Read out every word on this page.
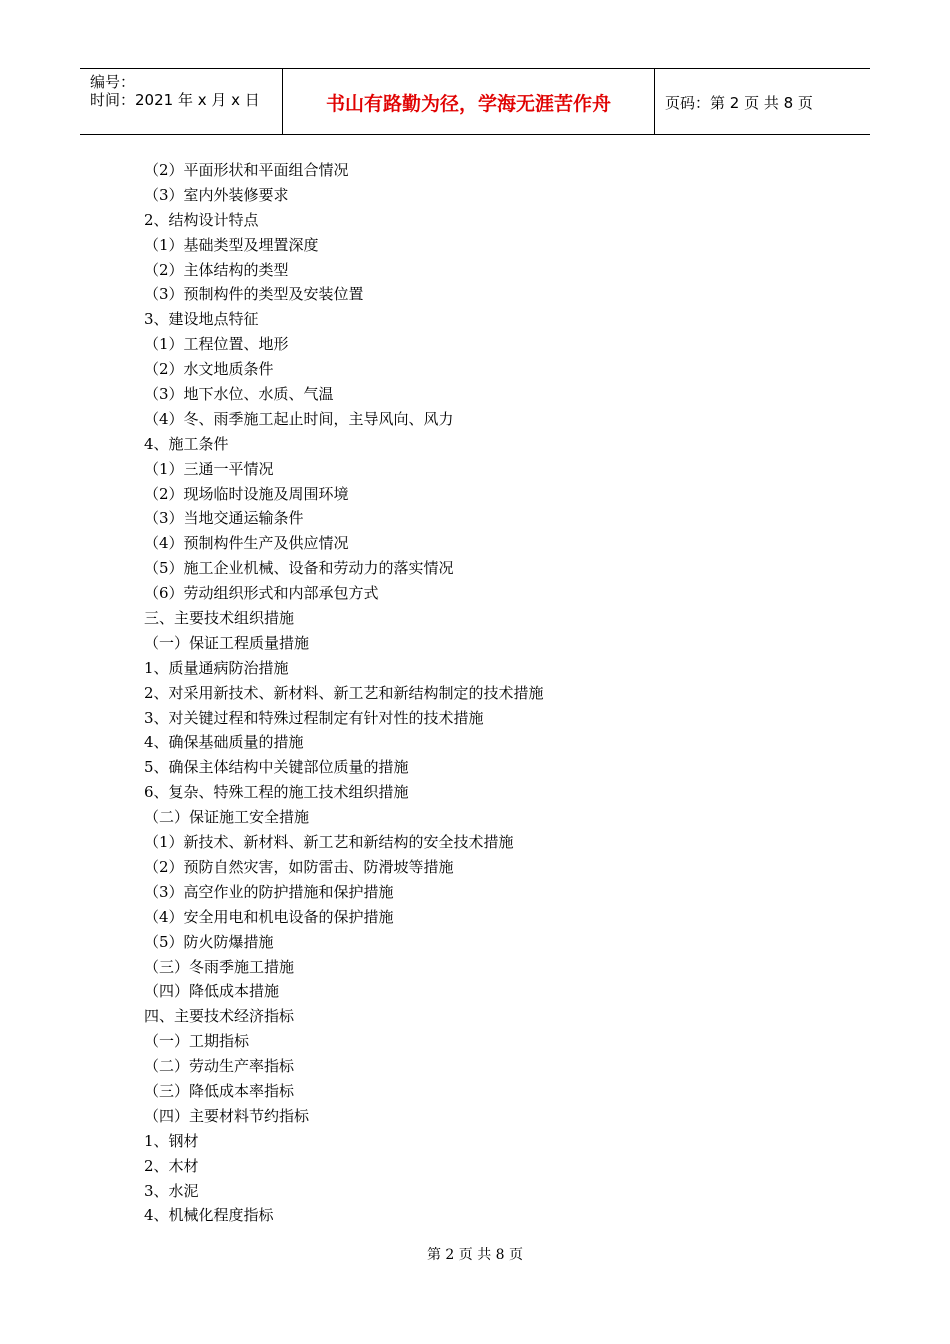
编号：
时间：2021 年 x 月 x 日	书山有路勤为径，学海无涯苦作舟	页码：第 2 页 共 8 页
（2）平面形状和平面组合情况
（3）室内外装修要求
2、结构设计特点
（1）基础类型及埋置深度
（2）主体结构的类型
（3）预制构件的类型及安装位置
3、建设地点特征
（1）工程位置、地形
（2）水文地质条件
（3）地下水位、水质、气温
（4）冬、雨季施工起止时间，主导风向、风力
4、施工条件
（1）三通一平情况
（2）现场临时设施及周围环境
（3）当地交通运输条件
（4）预制构件生产及供应情况
（5）施工企业机械、设备和劳动力的落实情况
（6）劳动组织形式和内部承包方式
三、主要技术组织措施
（一）保证工程质量措施
1、质量通病防治措施
2、对采用新技术、新材料、新工艺和新结构制定的技术措施
3、对关键过程和特殊过程制定有针对性的技术措施
4、确保基础质量的措施
5、确保主体结构中关键部位质量的措施
6、复杂、特殊工程的施工技术组织措施
（二）保证施工安全措施
（1）新技术、新材料、新工艺和新结构的安全技术措施
（2）预防自然灾害，如防雷击、防滑坡等措施
（3）高空作业的防护措施和保护措施
（4）安全用电和机电设备的保护措施
（5）防火防爆措施
（三）冬雨季施工措施
（四）降低成本措施
四、主要技术经济指标
（一）工期指标
（二）劳动生产率指标
（三）降低成本率指标
（四）主要材料节约指标
1、钢材
2、木材
3、水泥
4、机械化程度指标
第 2 页 共 8 页
